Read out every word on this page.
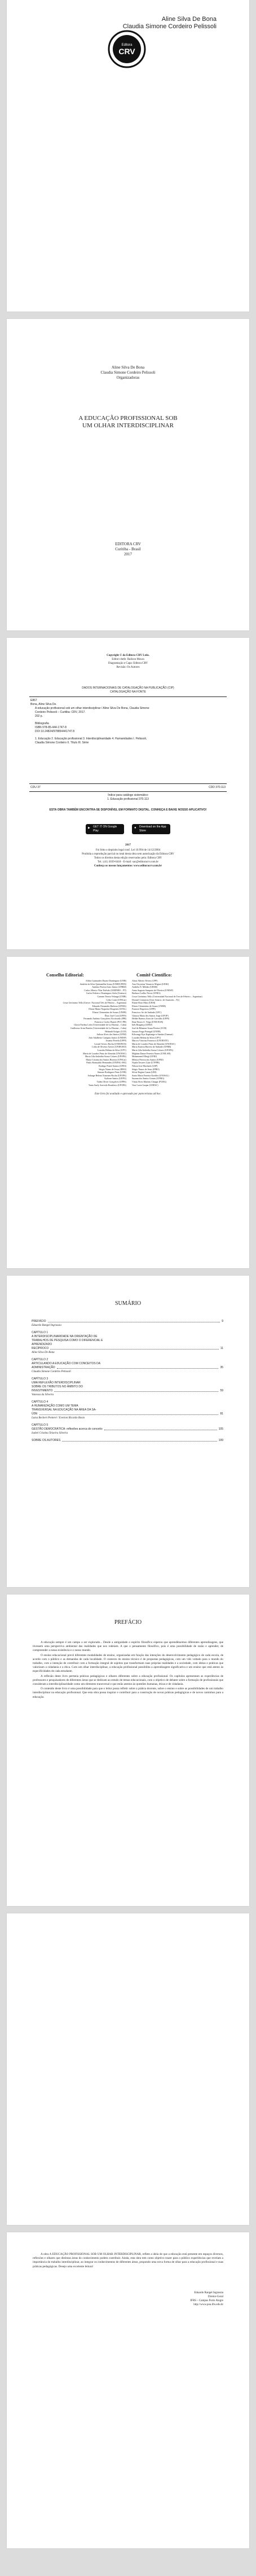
Aline Silva De Bona
Claudia Simone Cordeiro Pelissoli
Editora
CRV
Aline Silva De Bona
Claudia Simone Cordeiro Pelissoli
Organizadoras
A EDUCAÇÃO PROFISSIONAL SOB UM OLHAR INTERDISCIPLINAR
EDITORA CRV
Curitiba - Brasil
2017
Copyright © da Editora CRV Ltda.
Editor-chefe: Railson Moura
Diagramação e Capa: Editora CRV
Revisão: Os Autores
DADOS INTERNACIONAIS DE CATALOGAÇÃO NA PUBLICAÇÃO (CIP)
CATALOGAÇÃO NA FONTE
E867
Bona, Aline Silva De.
A educação profissional sob um olhar interdisciplinar / Aline Silva De Bona, Claudia Simone
Cordeiro Pelissoli – Curitiba: CRV, 2017.
202 p.
Bibliografia
ISBN 978-85-444-1747-8
DOI 10.24824/978854441747.8
1. Educação 2. Educação profissional 3. Interdisciplinaridade 4. Humanidades I. Pelissoli,
Claudia Simone Cordeiro II. Título III. Série
CDU 37	CDD 370.113
Índice para catálogo sistemático
1. Educação profissional 370.113
ESTA OBRA TAMBÉM ENCONTRA-SE DISPONÍVEL EM FORMATO DIGITAL. CONHEÇA E BAIXE NOSSO APLICATIVO!
▶ GET IT ON Google Play
● Download on the App Store
2017
Foi feito o depósito legal conf. Lei 10.994 de 14/12/2004
Proibida a reprodução parcial ou total desta obra sem autorização da Editora CRV
Todos os direitos desta edição reservados pela: Editora CRV
Tel.: (41) 3039-6418 - E-mail: sac@editoracrv.com.br
Conheça os nossos lançamentos: www.editoracrv.com.br
Conselho Editorial:	Comitê Científico:
Aldira Guimarães Duarte Domínguez (UNB)
Andréia da Silva Quintanilha Sousa (UNIR/UFRN)
Antônio Pereira Gaio Júnior (UFRRJ)
Carlos Alberto Vilar Estêvão (UMINHO – PT)
Carlos Federico Dominguez Avila (Unieuro)
Carmen Tereza Velanga (UNIR)
Celso Conti (UFSCar)
Cesar Gerónimo Tello (Univer .Nacional Três de Febrero – Argentina)
Eduardo Fernandes Barbosa (UFMG)
Elione Maria Nogueira Diogenes (UFAL)
Elizeu Clementino de Souza (UNEB)
Élsio José Corá (UFFS)
Fernando Antônio Gonçalves Alcoforado (IPB)
Francisco Carlos Duarte (PUC-PR)
Gloria Fariñas León (Universidade de La Havana – Cuba)
Guillermo Arias Beatón (Universidade de La Havana – Cuba)
Helmuth Krüger (UCP)
Jailson Alves dos Santos (UFRJ)
João Adalberto Campato Junior (UNESP)
Josania Portela (UFPI)
Leonel Severo Rocha (UNISINOS)
Lídia de Oliveira Xavier (UNIEURO)
Lourdes Helena da Silva (UFV)
Maria de Lourdes Pinto de Almeida (UNOESC)
Maria Lília Imbiriba Sousa Colares (UFOPA)
Maria Cristina dos Santos Bezerra (UFSCar)
Paulo Romualdo Hernandes (UNIFAL-MG)
Rodrigo Pratte-Santos (UFES)
Sérgio Nunes de Jesus (IFRO)
Simone Rodrigues Pinto (UNB)
Solange Helena Ximenes-Rocha (UFOPA)
Sydione Santos (UEPG)
Tadeu Oliver Gonçalves (UFPA)
Tania Suely Azevedo Brasileiro (UFOPA)
Altair Alberto Fávero (UPF)
Ana Chrystina Venancio Mignot (UERJ)
Andréia N. Militão (UEMS)
Anna Augusta Sampaio de Oliveira (UNESP)
Barbara Coelho Neves (UFBA)
Cesar Gerónimo Tello (Universidad Nacional de Tres de Febrero – Argentina)
Diosnel Centurion (Univ Americ. de Asunción – Py)
Eliane Rose Maio (UEM)
Elizeu Clementino de Souza (UNEB)
Fauston Negreiros (UFPI)
Francisco Ari de Andrade (UFC)
Gláucia Maria dos Santos Jorge (UFOP)
Helder Buenos Aires de Carvalho (UFPI)
Ilma Passos A. Veiga (UNICEUB)
Inês Bragança (UERJ)
José de Ribamar Sousa Pereira (UCB)
Jussara Fraga Portugal (UNEB)
Kilwangy Kya Kapitango-a-Samba (Unemat)
Lourdes Helena da Silva (UFV)
Marcos Vinicius Francisco (UNOESTE)
Maria de Lourdes Pinto de Almeida (UNOESC)
Maria Eurácia Barreto de Andrade (UFRB)
Maria Lília Imbiriba Sousa Colares (UFOPA)
Míghian Danae Ferreira Nunes (UNILAB)
Mohammed Elhajji (UFRJ)
Mônica Pereira dos Santos (UFRJ)
Najela Tavares Ujiie (UTFPR)
Nilson José Machado (USP)
Sérgio Nunes de Jesus (IFRO)
Silvia Regina Canan (URI)
Sonia Maria Ferreira Koehler (UNISAL)
Suzana dos Santos Gomes (UFMG)
Vânia Alves Martins Chaigar (FURG)
Vera Lucia Gaspar (UDESC)
Este livro foi avaliado e aprovado por pareceristas ad hoc.
SUMÁRIO
PREFÁCIO	9
Eduardo Rangel Ingrassia
CAPÍTULO 1
A INTERDISCIPLINARIDADE NA ORIENTAÇÃO DE
TRABALHOS DE PESQUISA COMO O DIFERENCIAL E
APRENDIZADO
RECÍPROCO	11
Aline Silva De Bona
CAPÍTULO 2
ARTICULANDO A EDUCAÇÃO COM CONCEITOS DA
ADMINISTRAÇÃO	35
Claudia Simone Cordeiro Pelissoli
CAPÍTULO 3
UMA REFLEXÃO INTERDISCIPLINAR
SOBRE OS TRIBUTOS NO ÂMBITO DO
INVESTIMENTO	59
Vanessa da Silveira
CAPÍTULO 4
A HUMANIZAÇÃO COMO UM TEMA
TRANSVERSAL NA EDUCAÇÃO NA ÁREA DA SA-
ÚDE	81
Luisa Bechert Penteré / Everton Ricardo Bosio
CAPÍTULO 5
GESTÃO DEMOCRÁTICA: reflexões acerca do conceito	105
Isabel Cristina Teixeira Silveira
SOBRE OS AUTORES	199
PREFÁCIO

A educação sempre é um campo a ser explorado... Desde a antiguidade o espírito filosófico esperou que aprendêssemos diferentes aprendizagens, que tivessem uma perspectiva ambiental das realidades que nos rodeiam. A que o pensamento filosófico, pois é uma possibilidade de razão e aprender, de compreender a nossa existência e o nosso mundo.

O ensino educacional prevê diferentes modalidades de ensino, organizadas em função das intenções do desenvolvimento pedagógico de cada escola, de acordo com o público e as demandas de cada localidade. O contexto do ensino técnico é de propostas pedagógicas, com um viés voltado para o mundo do trabalho, com a intenção de contribuir com a formação integral de sujeitos que transformam suas próprias realidades e a sociedade, com ideias e práticas que valorizam a cidadania e a ética. Com um olhar interdisciplinar, a educação profissional possibilita a aprendizagem significativa e um ensino que está atento às especificidades de cada estudante.

A reflexão deste livro permeia práticas pedagógicas e olhares diferentes sobre a educação profissional. Os capítulos apresentam as experiências de professores e pesquisadores de diferentes áreas que se dedicam ao estudo de temas educacionais, com o objetivo de debater sobre a formação de profissionais que consideram a interdisciplinaridade como um elemento transversal e que estão atentos às questões humanas, éticas e de cidadania.

O conteúdo deste livro é uma possibilidade para que o leitor possa refletir sobre a prática docente, sobre o ensino e sobre as possibilidades de um trabalho interdisciplinar na educação profissional. Que esta obra possa inspirar e contribuir para a construção de novas práticas pedagógicas e de novos caminhos para a educação.

A obra A EDUCAÇÃO PROFISSIONAL SOB UM OLHAR INTERDISCIPLINAR, reflete a ideia de que a educação está presente em espaços diversos, reflexões e olhares que distintas áreas do conhecimento podem contribuir. Ainda, esta obra tem como objetivo trazer para o público experiências que revelam a importância do trabalho interdisciplinar, ao integrar os conhecimentos de diferentes áreas, propondo uma nova forma de olhar para a educação profissional e suas práticas pedagógicas. Desejo uma excelente leitura!
Eduardo Rangel Ingrassia
Diretor-Geral
IFRS – Campus Porto Alegre
http://www.poa.ifrs.edu.br
